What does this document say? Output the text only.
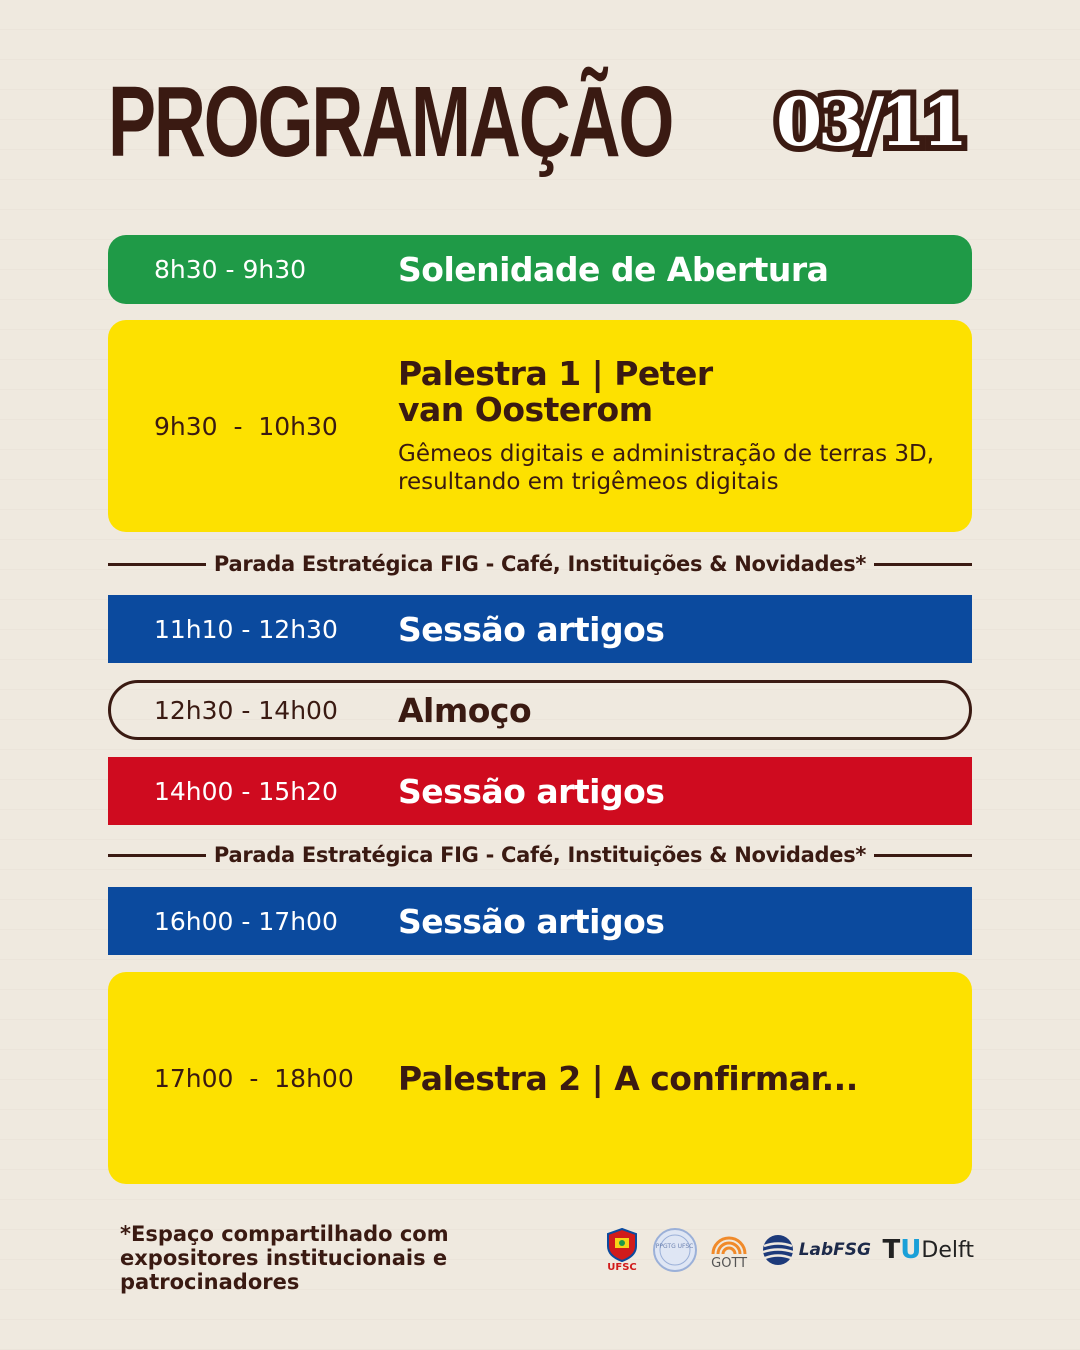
PROGRAMAÇÃO 03/11
8h30 - 9h30	Solenidade de Abertura
9h30  -  10h30
Palestra 1 | Peter van Oosterom
Gêmeos digitais e administração de terras 3D, resultando em trigêmeos digitais
Parada Estratégica FIG - Café, Instituições & Novidades*
11h10 - 12h30 Sessão artigos
12h30 - 14h00 Almoço
14h00 - 15h20 Sessão artigos
Parada Estratégica FIG - Café, Instituições & Novidades*
16h00 - 17h00 Sessão artigos
17h00  -  18h00 Palestra 2 | A confirmar...
*Espaço compartilhado com expositores institucionais e patrocinadores
UFSC
PPGTG UFSC
GOTT
LabFSG T U Delft
